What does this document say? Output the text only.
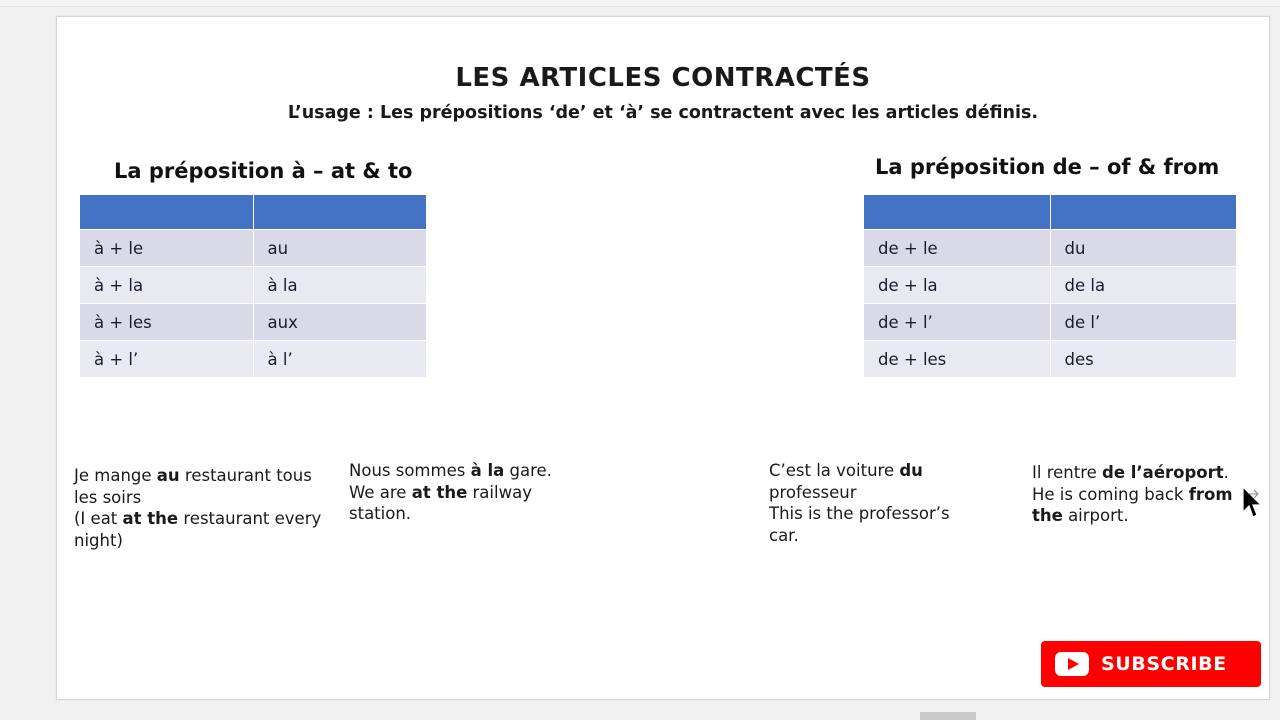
LES ARTICLES CONTRACTÉS
L’usage : Les prépositions ‘de’ et ‘à’ se contractent avec les articles définis.
La préposition à – at & to	La préposition de – of & from

à + le	au
à + la	à la
à + les	aux
à + l’	à l’

de + le	du
de + la	de la
de + l’	de l’
de + les	des
Je mange au restaurant tous les soirs
(I eat at the restaurant every night)
Nous sommes à la gare.
We are at the railway station.
C’est la voiture du professeur
This is the professor’s car.
Il rentre de l’aéroport.
He is coming back from the airport.
SUBSCRIBE
